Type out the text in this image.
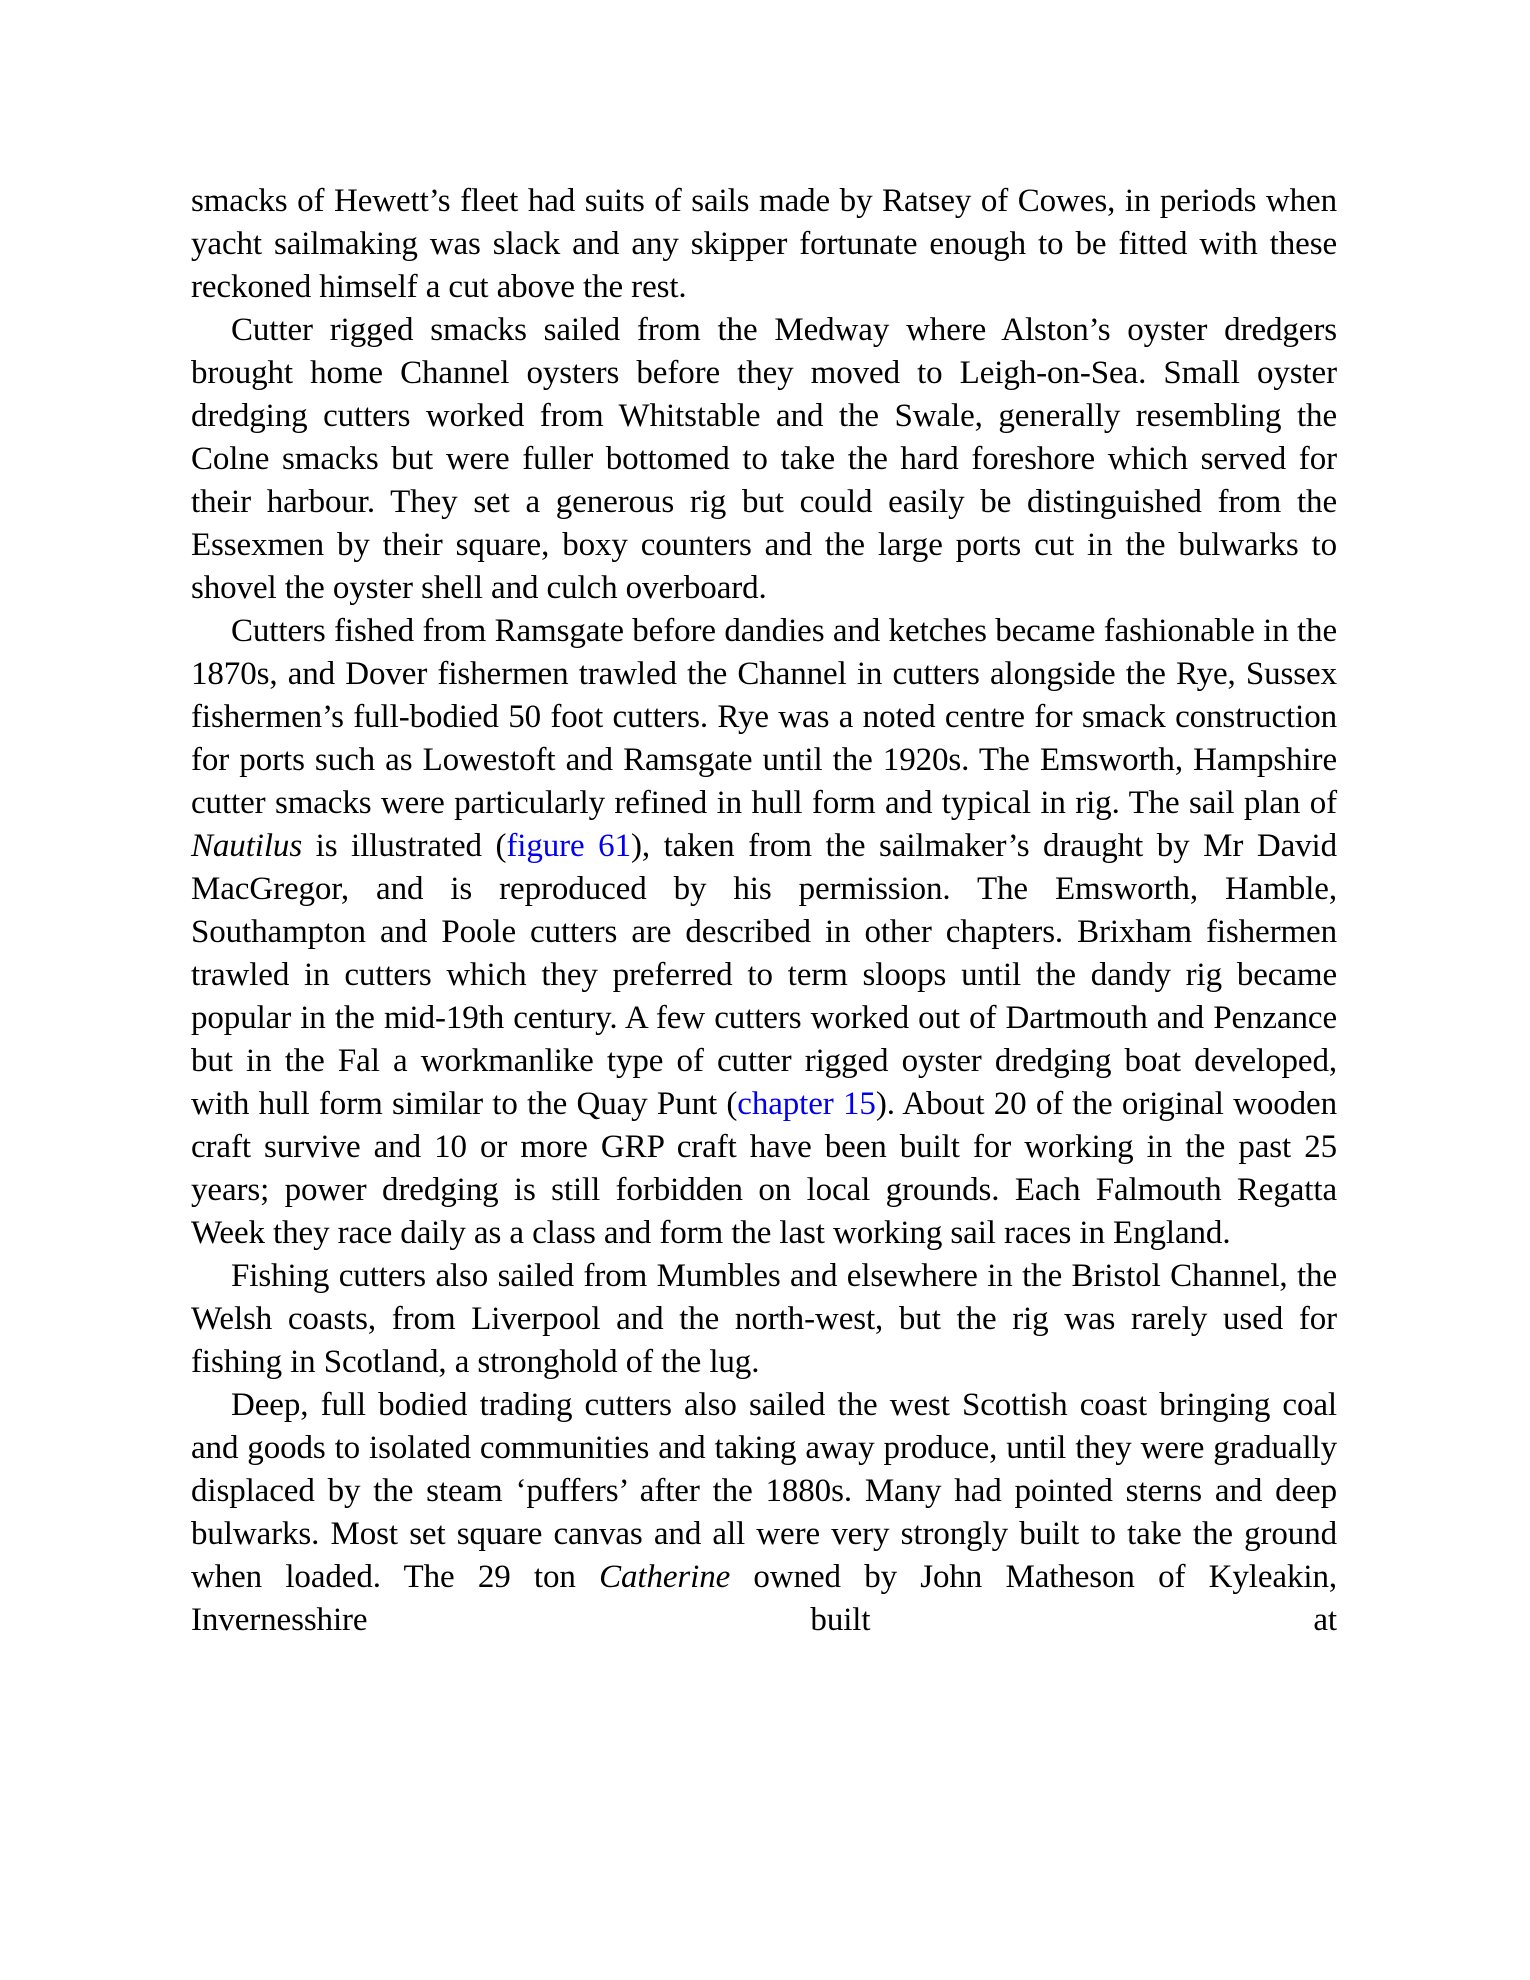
smacks of Hewett’s fleet had suits of sails made by Ratsey of Cowes, in periods when yacht sailmaking was slack and any skipper fortunate enough to be fitted with these reckoned himself a cut above the rest.

Cutter rigged smacks sailed from the Medway where Alston’s oyster dredgers brought home Channel oysters before they moved to Leigh-on-Sea. Small oyster dredging cutters worked from Whitstable and the Swale, generally resembling the Colne smacks but were fuller bottomed to take the hard foreshore which served for their harbour. They set a generous rig but could easily be distinguished from the Essexmen by their square, boxy counters and the large ports cut in the bulwarks to shovel the oyster shell and culch overboard.

Cutters fished from Ramsgate before dandies and ketches became fashionable in the 1870s, and Dover fishermen trawled the Channel in cutters alongside the Rye, Sussex fishermen’s full-bodied 50 foot cutters. Rye was a noted centre for smack construction for ports such as Lowestoft and Ramsgate until the 1920s. The Emsworth, Hampshire cutter smacks were particularly refined in hull form and typical in rig. The sail plan of Nautilus is illustrated (figure 61), taken from the sailmaker’s draught by Mr David MacGregor, and is reproduced by his permission. The Emsworth, Hamble, Southampton and Poole cutters are described in other chapters. Brixham fishermen trawled in cutters which they preferred to term sloops until the dandy rig became popular in the mid-19th century. A few cutters worked out of Dartmouth and Penzance but in the Fal a workmanlike type of cutter rigged oyster dredging boat developed, with hull form similar to the Quay Punt (chapter 15). About 20 of the original wooden craft survive and 10 or more GRP craft have been built for working in the past 25 years; power dredging is still forbidden on local grounds. Each Falmouth Regatta Week they race daily as a class and form the last working sail races in England.

Fishing cutters also sailed from Mumbles and elsewhere in the Bristol Channel, the Welsh coasts, from Liverpool and the north-west, but the rig was rarely used for fishing in Scotland, a stronghold of the lug.

Deep, full bodied trading cutters also sailed the west Scottish coast bringing coal and goods to isolated communities and taking away produce, until they were gradually displaced by the steam ‘puffers’ after the 1880s. Many had pointed sterns and deep bulwarks. Most set square canvas and all were very strongly built to take the ground when loaded. The 29 ton Catherine owned by John Matheson of Kyleakin, Invernesshire built at
